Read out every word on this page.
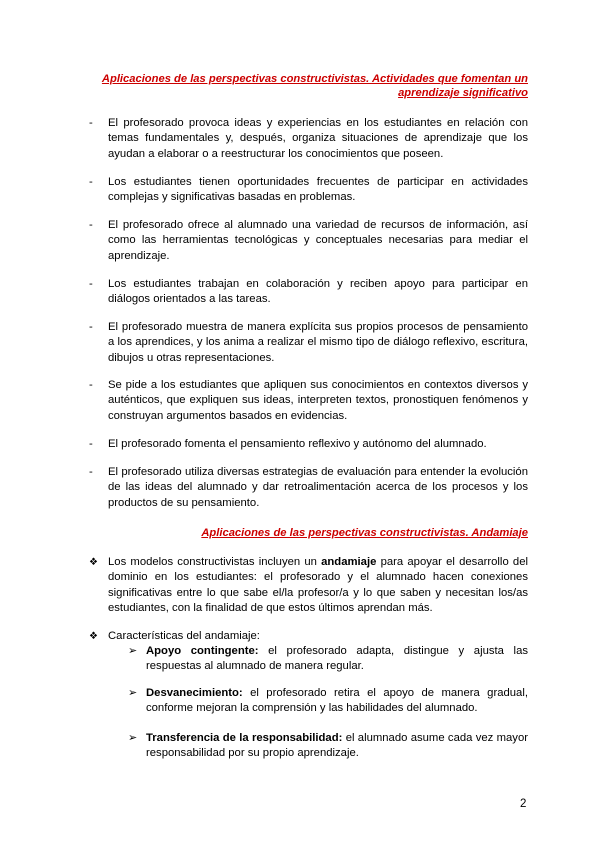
Aplicaciones de las perspectivas constructivistas. Actividades que fomentan un aprendizaje significativo
- El profesorado provoca ideas y experiencias en los estudiantes en relación con temas fundamentales y, después, organiza situaciones de aprendizaje que los ayudan a elaborar o a reestructurar los conocimientos que poseen.
- Los estudiantes tienen oportunidades frecuentes de participar en actividades complejas y significativas basadas en problemas.
- El profesorado ofrece al alumnado una variedad de recursos de información, así como las herramientas tecnológicas y conceptuales necesarias para mediar el aprendizaje.
- Los estudiantes trabajan en colaboración y reciben apoyo para participar en diálogos orientados a las tareas.
- El profesorado muestra de manera explícita sus propios procesos de pensamiento a los aprendices, y los anima a realizar el mismo tipo de diálogo reflexivo, escritura, dibujos u otras representaciones.
- Se pide a los estudiantes que apliquen sus conocimientos en contextos diversos y auténticos, que expliquen sus ideas, interpreten textos, pronostiquen fenómenos y construyan argumentos basados en evidencias.
- El profesorado fomenta el pensamiento reflexivo y autónomo del alumnado.
- El profesorado utiliza diversas estrategias de evaluación para entender la evolución de las ideas del alumnado y dar retroalimentación acerca de los procesos y los productos de su pensamiento.
Aplicaciones de las perspectivas constructivistas. Andamiaje
❖ Los modelos constructivistas incluyen un andamiaje para apoyar el desarrollo del dominio en los estudiantes: el profesorado y el alumnado hacen conexiones significativas entre lo que sabe el/la profesor/a y lo que saben y necesitan los/as estudiantes, con la finalidad de que estos últimos aprendan más.
❖ Características del andamiaje:
➢ Apoyo contingente: el profesorado adapta, distingue y ajusta las respuestas al alumnado de manera regular.
➢ Desvanecimiento: el profesorado retira el apoyo de manera gradual, conforme mejoran la comprensión y las habilidades del alumnado.
➢ Transferencia de la responsabilidad: el alumnado asume cada vez mayor responsabilidad por su propio aprendizaje.
2
